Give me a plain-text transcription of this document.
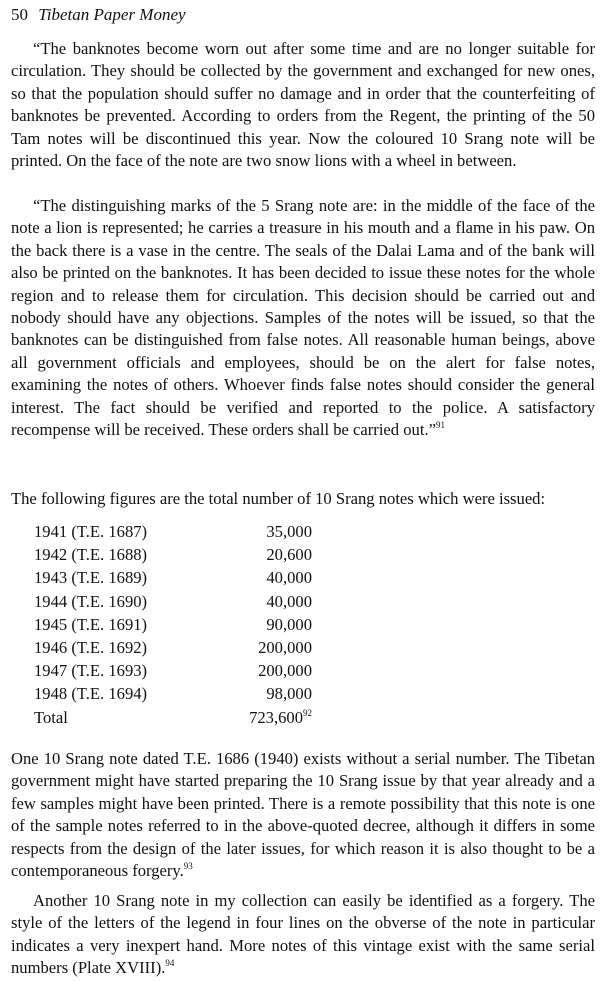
50 Tibetan Paper Money

“The banknotes become worn out after some time and are no longer suitable for circulation. They should be collected by the government and exchanged for new ones, so that the population should suffer no damage and in order that the counterfeiting of banknotes be prevented. According to orders from the Regent, the printing of the 50 Tam notes will be discontinued this year. Now the coloured 10 Srang note will be printed. On the face of the note are two snow lions with a wheel in between.

“The distinguishing marks of the 5 Srang note are: in the middle of the face of the note a lion is represented; he carries a treasure in his mouth and a flame in his paw. On the back there is a vase in the centre. The seals of the Dalai Lama and of the bank will also be printed on the banknotes. It has been decided to issue these notes for the whole region and to release them for circulation. This decision should be carried out and nobody should have any objections. Samples of the notes will be issued, so that the banknotes can be distinguished from false notes. All reasonable human beings, above all government officials and employees, should be on the alert for false notes, examining the notes of others. Whoever finds false notes should consider the general interest. The fact should be verified and reported to the police. A satisfactory recompense will be received. These orders shall be carried out.”$^{91}$

The following figures are the total number of 10 Srang notes which were issued:

1941 (T.E. 1687)	35,000
1942 (T.E. 1688)	20,600
1943 (T.E. 1689)	40,000
1944 (T.E. 1690)	40,000
1945 (T.E. 1691)	90,000
1946 (T.E. 1692)	200,000
1947 (T.E. 1693)	200,000
1948 (T.E. 1694)	98,000
Total	723,600$^{92}$

One 10 Srang note dated T.E. 1686 (1940) exists without a serial number. The Tibetan government might have started preparing the 10 Srang issue by that year already and a few samples might have been printed. There is a remote possibility that this note is one of the sample notes referred to in the above-quoted decree, although it differs in some respects from the design of the later issues, for which reason it is also thought to be a contemporaneous forgery.$^{93}$

Another 10 Srang note in my collection can easily be identified as a forgery. The style of the letters of the legend in four lines on the obverse of the note in particular indicates a very inexpert hand. More notes of this vintage exist with the same serial numbers (Plate XVIII).$^{94}$
